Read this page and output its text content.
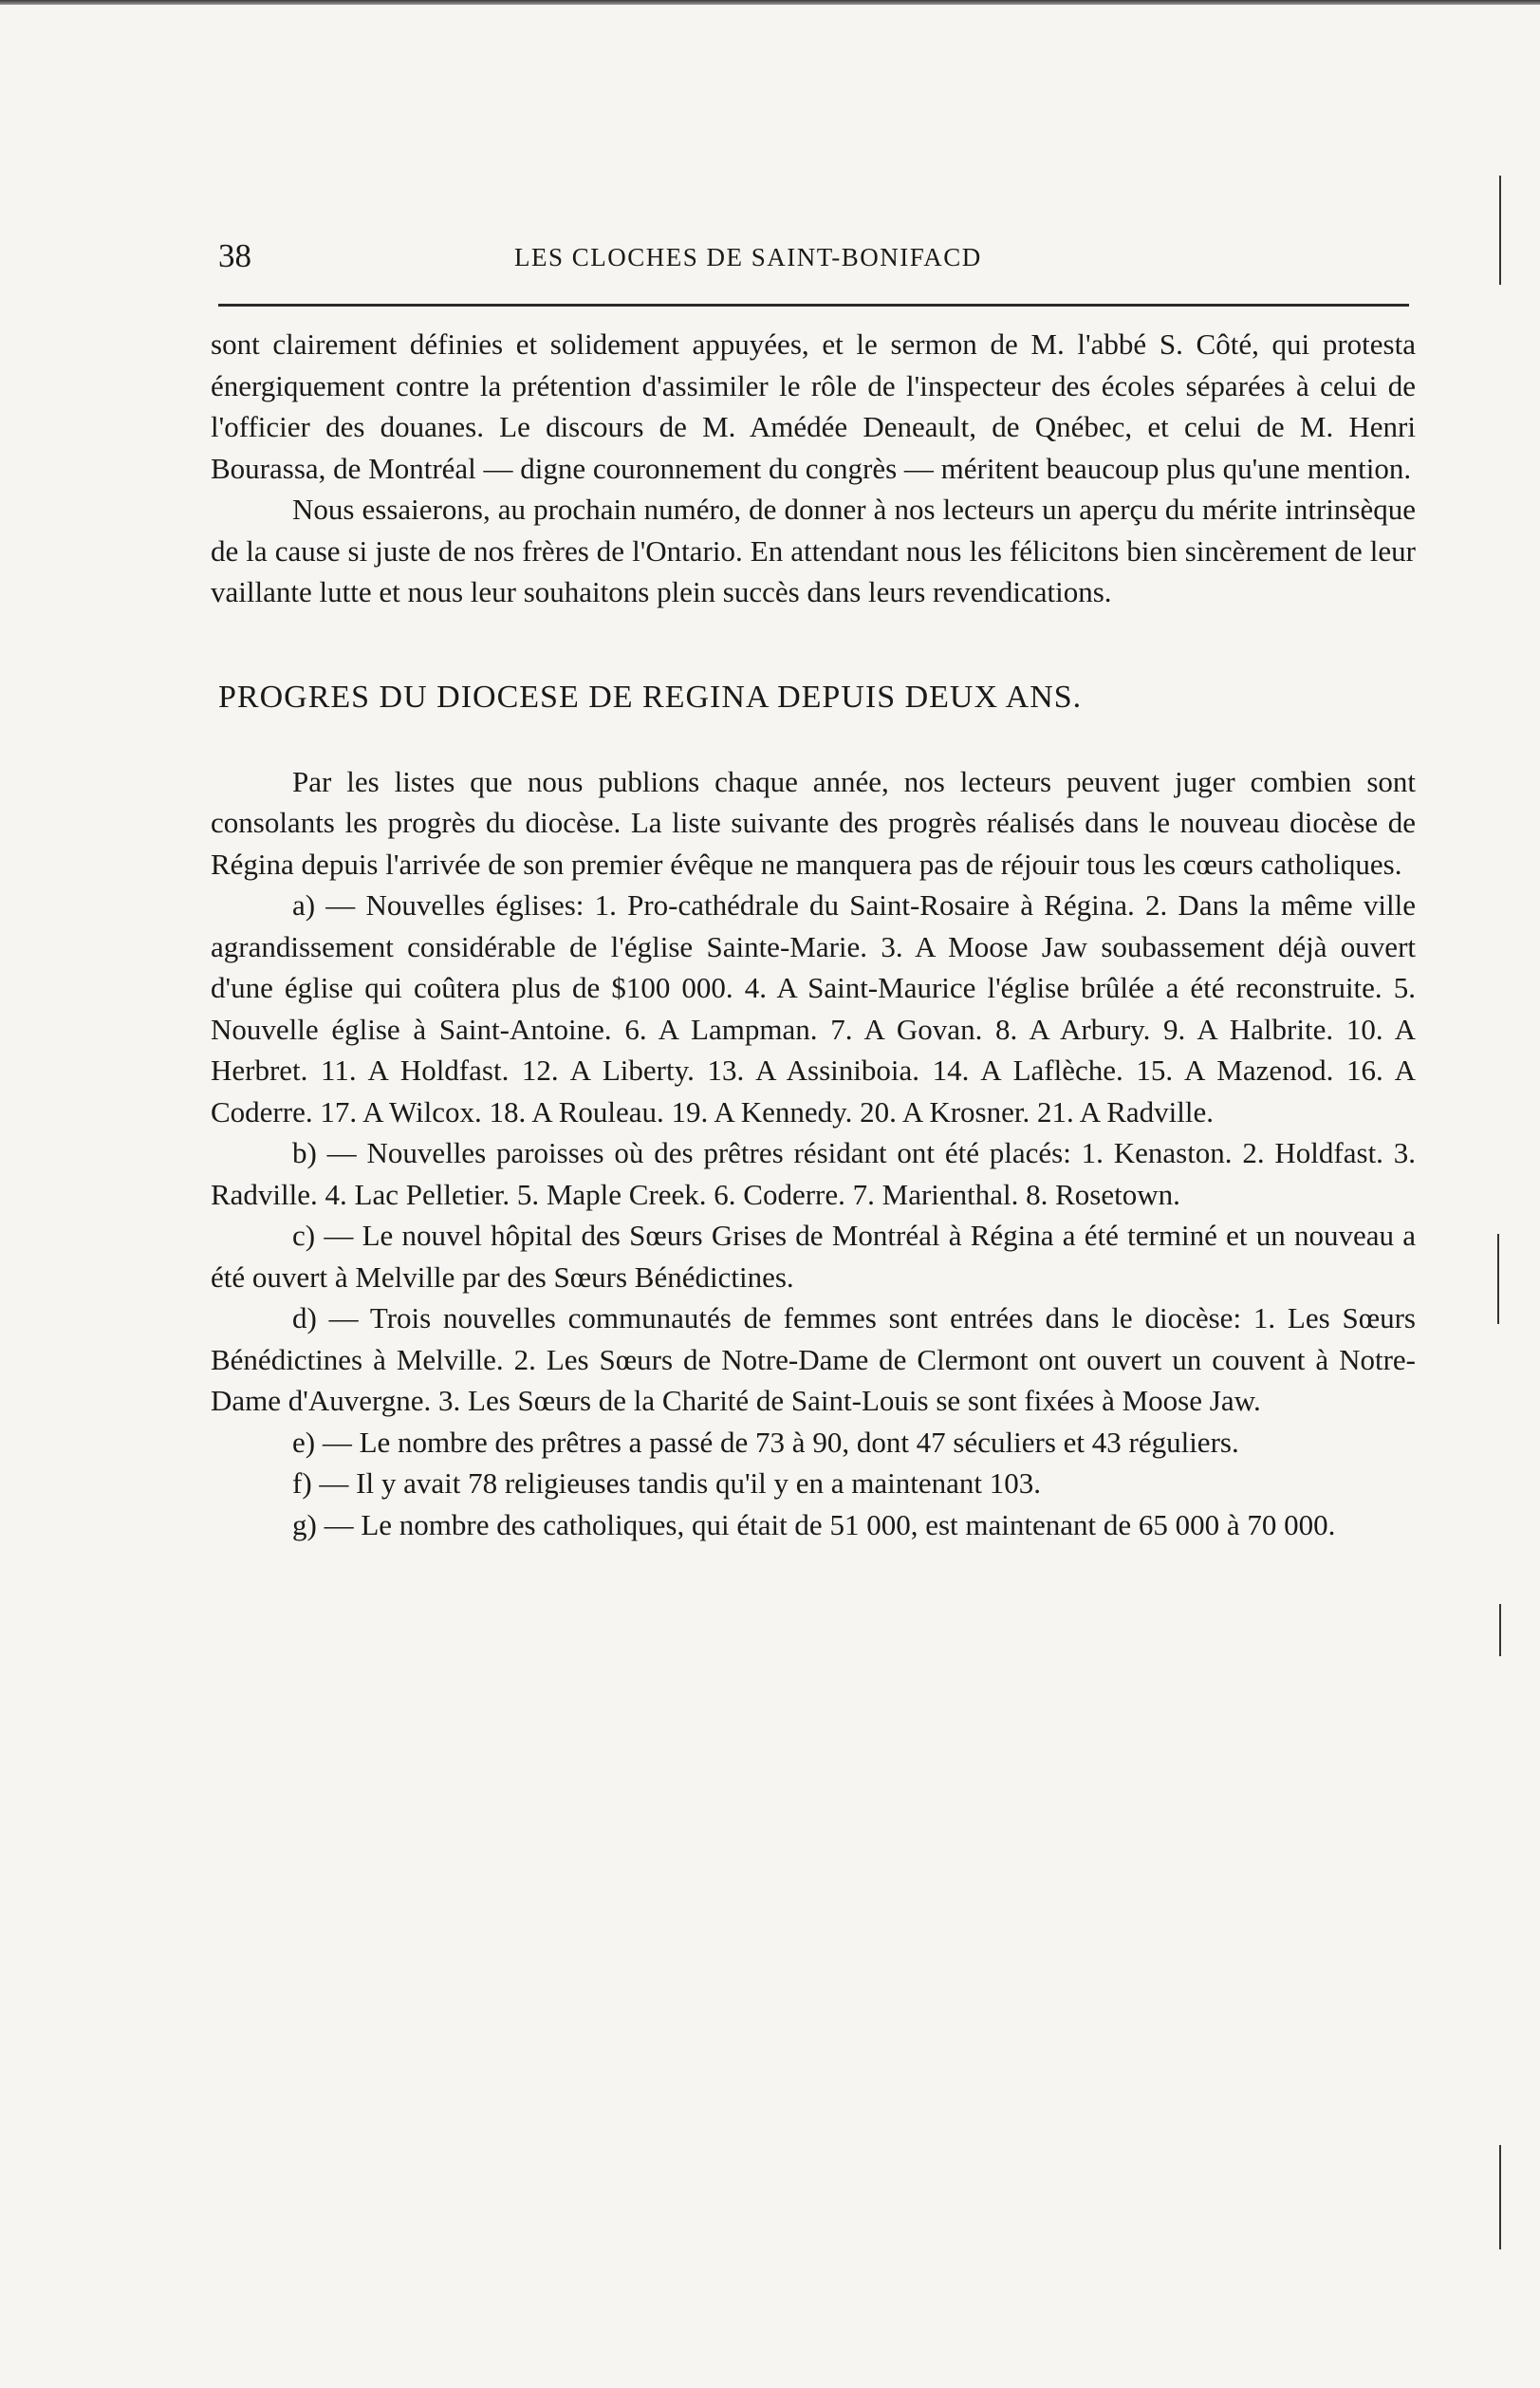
38	LES CLOCHES DE SAINT-BONIFACD

sont clairement définies et solidement appuyées, et le sermon de M. l'abbé S. Côté, qui protesta énergiquement contre la prétention d'assimiler le rôle de l'inspecteur des écoles séparées à celui de l'officier des douanes. Le discours de M. Amédée Deneault, de Qnébec, et celui de M. Henri Bourassa, de Montréal — digne couronnement du congrès — méritent beaucoup plus qu'une mention.

Nous essaierons, au prochain numéro, de donner à nos lecteurs un aperçu du mérite intrinsèque de la cause si juste de nos frères de l'Ontario. En attendant nous les félicitons bien sincèrement de leur vaillante lutte et nous leur souhaitons plein succès dans leurs revendications.

PROGRES DU DIOCESE DE REGINA DEPUIS DEUX ANS.

Par les listes que nous publions chaque année, nos lecteurs peuvent juger combien sont consolants les progrès du diocèse. La liste suivante des progrès réalisés dans le nouveau diocèse de Régina depuis l'arrivée de son premier évêque ne manquera pas de réjouir tous les cœurs catholiques.

a) — Nouvelles églises: 1. Pro-cathédrale du Saint-Rosaire à Régina. 2. Dans la même ville agrandissement considérable de l'église Sainte-Marie. 3. A Moose Jaw soubassement déjà ouvert d'une église qui coûtera plus de $100 000. 4. A Saint-Maurice l'église brûlée a été reconstruite. 5. Nouvelle église à Saint-Antoine. 6. A Lampman. 7. A Govan. 8. A Arbury. 9. A Halbrite. 10. A Herbret. 11. A Holdfast. 12. A Liberty. 13. A Assiniboia. 14. A Laflèche. 15. A Mazenod. 16. A Coderre. 17. A Wilcox. 18. A Rouleau. 19. A Kennedy. 20. A Krosner. 21. A Radville.

b) — Nouvelles paroisses où des prêtres résidant ont été placés: 1. Kenaston. 2. Holdfast. 3. Radville. 4. Lac Pelletier. 5. Maple Creek. 6. Coderre. 7. Marienthal. 8. Rosetown.

c) — Le nouvel hôpital des Sœurs Grises de Montréal à Régina a été terminé et un nouveau a été ouvert à Melville par des Sœurs Bénédictines.

d) — Trois nouvelles communautés de femmes sont entrées dans le diocèse: 1. Les Sœurs Bénédictines à Melville. 2. Les Sœurs de Notre-Dame de Clermont ont ouvert un couvent à Notre-Dame d'Auvergne. 3. Les Sœurs de la Charité de Saint-Louis se sont fixées à Moose Jaw.

e) — Le nombre des prêtres a passé de 73 à 90, dont 47 séculiers et 43 réguliers.

f) — Il y avait 78 religieuses tandis qu'il y en a maintenant 103.

g) — Le nombre des catholiques, qui était de 51 000, est maintenant de 65 000 à 70 000.
